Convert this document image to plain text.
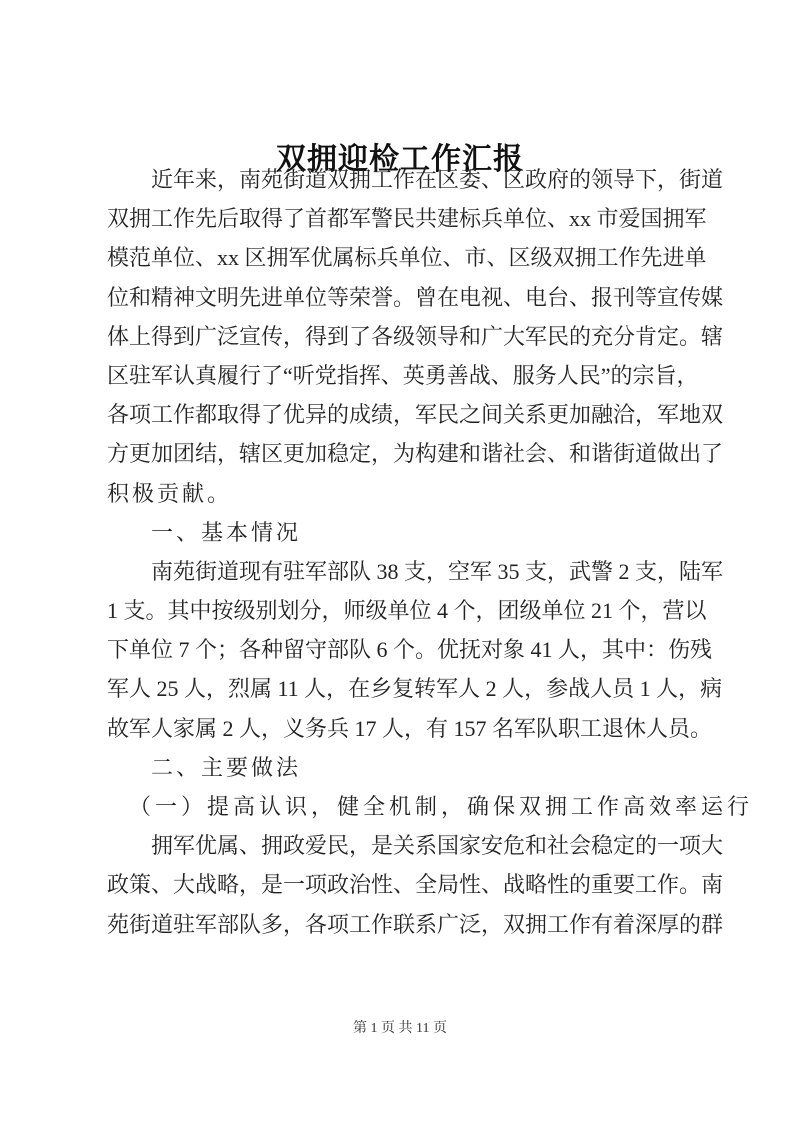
双拥迎检工作汇报
近年来，南苑街道双拥工作在区委、区政府的领导下，街道
双拥工作先后取得了首都军警民共建标兵单位、xx 市爱国拥军
模范单位、xx 区拥军优属标兵单位、市、区级双拥工作先进单
位和精神文明先进单位等荣誉。曾在电视、电台、报刊等宣传媒
体上得到广泛宣传，得到了各级领导和广大军民的充分肯定。辖
区驻军认真履行了“听党指挥、英勇善战、服务人民”的宗旨，
各项工作都取得了优异的成绩，军民之间关系更加融洽，军地双
方更加团结，辖区更加稳定，为构建和谐社会、和谐街道做出了
积极贡献。
一、基本情况
南苑街道现有驻军部队 38 支，空军 35 支，武警 2 支，陆军
1 支。其中按级别划分，师级单位 4 个，团级单位 21 个，营以
下单位 7 个；各种留守部队 6 个。优抚对象 41 人，其中：伤残
军人 25 人，烈属 11 人，在乡复转军人 2 人，参战人员 1 人，病
故军人家属 2 人，义务兵 17 人，有 157 名军队职工退休人员。
二、主要做法
（一）提高认识，健全机制，确保双拥工作高效率运行
拥军优属、拥政爱民，是关系国家安危和社会稳定的一项大
政策、大战略，是一项政治性、全局性、战略性的重要工作。南
苑街道驻军部队多，各项工作联系广泛，双拥工作有着深厚的群
第 1 页 共 11 页
